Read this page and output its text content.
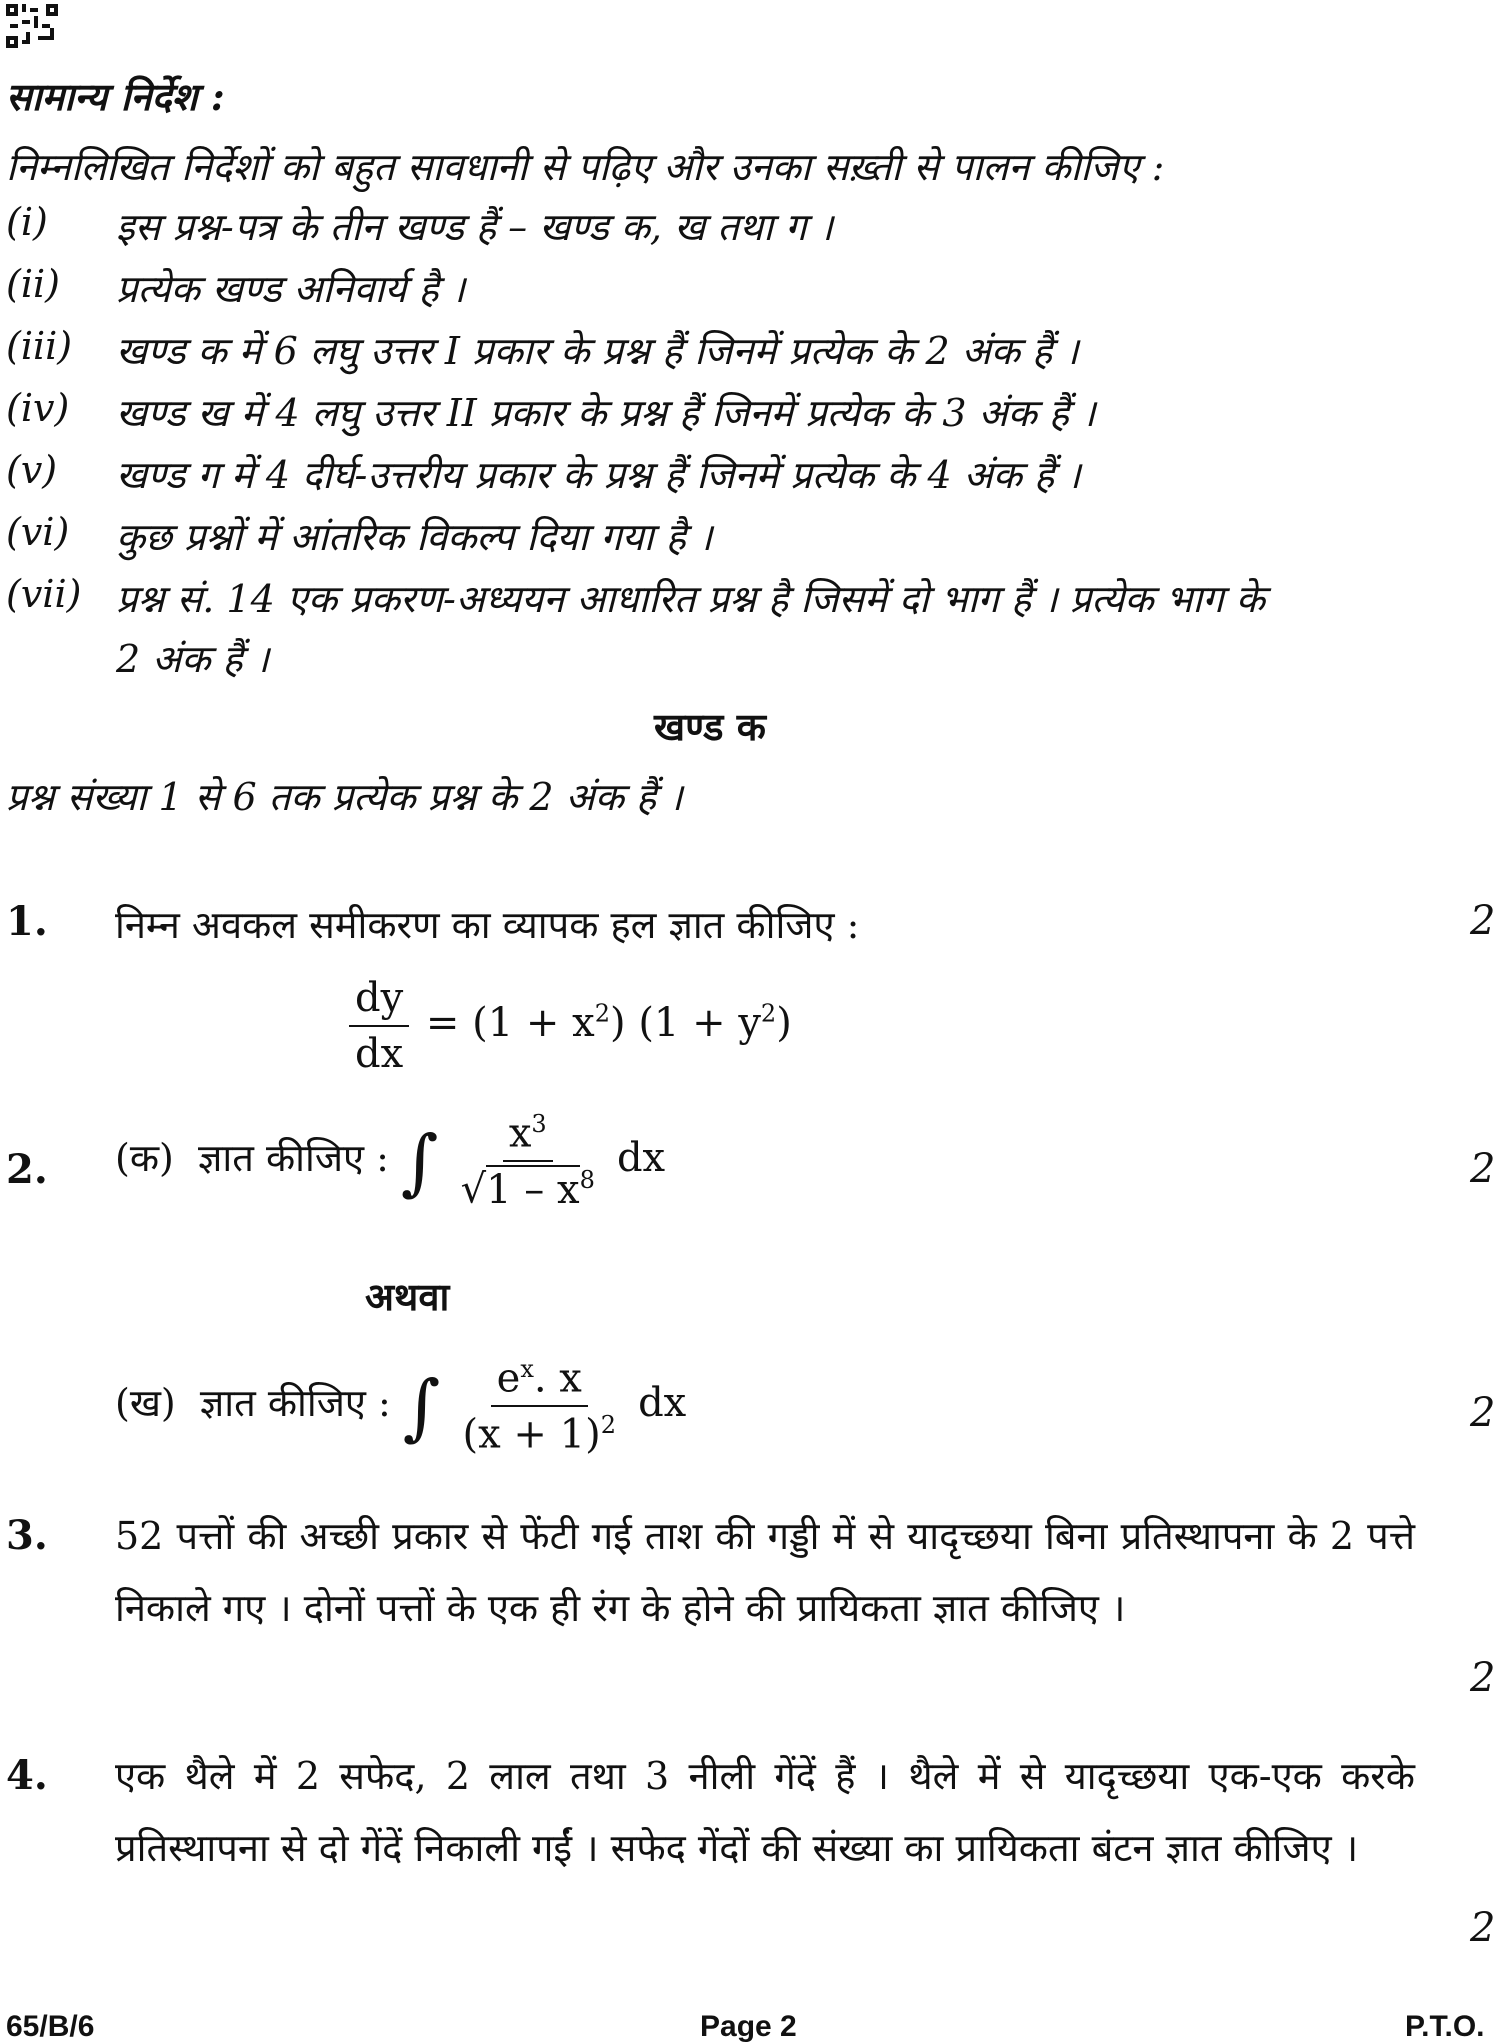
सामान्य निर्देश :
निम्नलिखित निर्देशों को बहुत सावधानी से पढ़िए और उनका सख़्ती से पालन कीजिए :
(i) इस प्रश्न-पत्र के तीन खण्ड हैं – खण्ड क, ख तथा ग ।
(ii) प्रत्येक खण्ड अनिवार्य है ।
(iii) खण्ड क में 6 लघु उत्तर I प्रकार के प्रश्न हैं जिनमें प्रत्येक के 2 अंक हैं ।
(iv) खण्ड ख में 4 लघु उत्तर II प्रकार के प्रश्न हैं जिनमें प्रत्येक के 3 अंक हैं ।
(v) खण्ड ग में 4 दीर्घ-उत्तरीय प्रकार के प्रश्न हैं जिनमें प्रत्येक के 4 अंक हैं ।
(vi) कुछ प्रश्नों में आंतरिक विकल्प दिया गया है ।
(vii) प्रश्न सं. 14 एक प्रकरण-अध्ययन आधारित प्रश्न है जिसमें दो भाग हैं । प्रत्येक भाग के
2 अंक हैं ।
खण्ड क
प्रश्न संख्या 1 से 6 तक प्रत्येक प्रश्न के 2 अंक हैं ।
1. निम्न अवकल समीकरण का व्यापक हल ज्ञात कीजिए :	2
$\frac{dy}{dx} = (1 + x^2) (1 + y^2)$
2. (क) ज्ञात कीजिए : ∫ $\frac{x^3}{√1 - x^8}$ dx	2
अथवा
(ख) ज्ञात कीजिए : ∫ $\frac{e^x. x}{(x + 1)^2}$ dx	2
3. 52 पत्तों की अच्छी प्रकार से फेंटी गई ताश की गड्डी में से यादृच्छया बिना प्रतिस्थापना के 2 पत्ते निकाले गए । दोनों पत्तों के एक ही रंग के होने की प्रायिकता ज्ञात कीजिए ।
2
4. एक थैले में 2 सफेद, 2 लाल तथा 3 नीली गेंदें हैं । थैले में से यादृच्छया एक-एक करके प्रतिस्थापना से दो गेंदें निकाली गईं । सफेद गेंदों की संख्या का प्रायिकता बंटन ज्ञात कीजिए ।
2
65/B/6	Page 2	P.T.O.
